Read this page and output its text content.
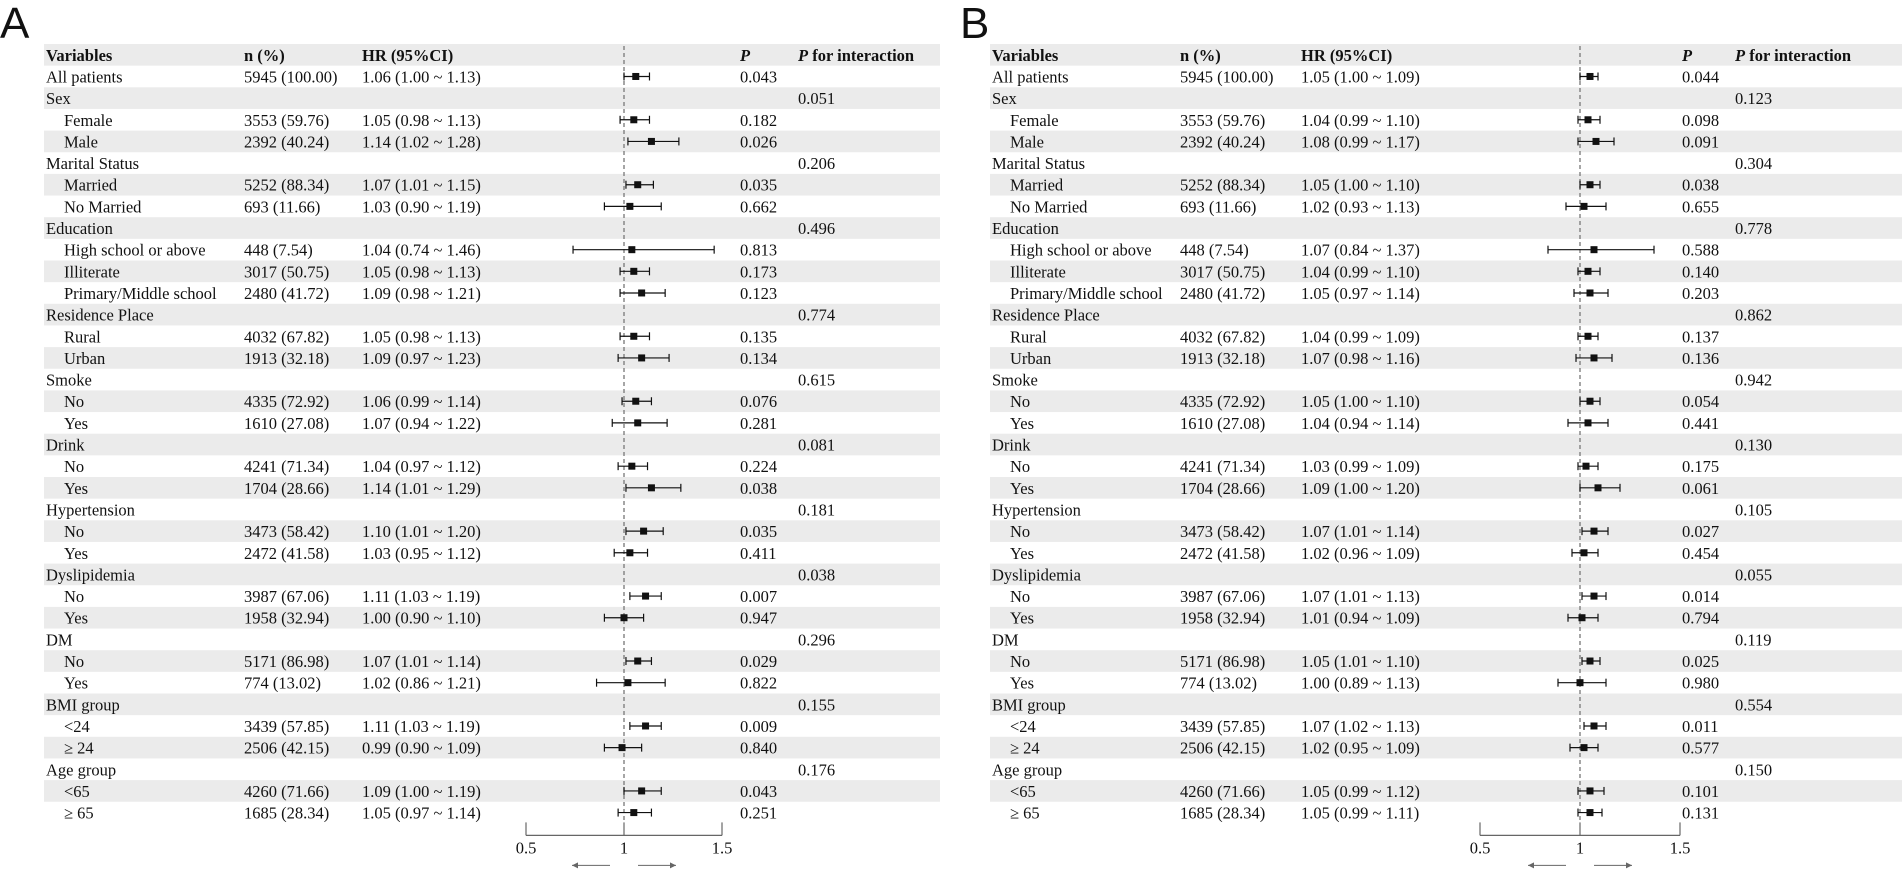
A
Variables	n (%)	HR (95%CI)	P	P for interaction
All patients	5945 (100.00) 1.06 (1.00 ~ 1.13)	0.043
Sex	0.051
Female	3553 (59.76) 1.05 (0.98 ~ 1.13)	0.182
Male	2392 (40.24) 1.14 (1.02 ~ 1.28)	0.026
Marital Status	0.206
Married	5252 (88.34) 1.07 (1.01 ~ 1.15)	0.035
No Married	693 (11.66)	1.03 (0.90 ~ 1.19)	0.662
Education	0.496
High school or above 448 (7.54)	1.04 (0.74 ~ 1.46)	0.813
Illiterate	3017 (50.75) 1.05 (0.98 ~ 1.13)	0.173
Primary/Middle school 2480 (41.72) 1.09 (0.98 ~ 1.21)	0.123
Residence Place	0.774
Rural	4032 (67.82) 1.05 (0.98 ~ 1.13)	0.135
Urban	1913 (32.18) 1.09 (0.97 ~ 1.23)	0.134
Smoke	0.615
No	4335 (72.92) 1.06 (0.99 ~ 1.14)	0.076
Yes	1610 (27.08) 1.07 (0.94 ~ 1.22)	0.281
Drink	0.081
No	4241 (71.34) 1.04 (0.97 ~ 1.12)	0.224
Yes	1704 (28.66) 1.14 (1.01 ~ 1.29)	0.038
Hypertension	0.181
No	3473 (58.42) 1.10 (1.01 ~ 1.20)	0.035
Yes	2472 (41.58) 1.03 (0.95 ~ 1.12)	0.411
Dyslipidemia	0.038
No	3987 (67.06) 1.11 (1.03 ~ 1.19)	0.007
Yes	1958 (32.94) 1.00 (0.90 ~ 1.10)	0.947
DM	0.296
No	5171 (86.98) 1.07 (1.01 ~ 1.14)	0.029
Yes	774 (13.02) 1.02 (0.86 ~ 1.21)	0.822
BMI group	0.155
<24	3439 (57.85) 1.11 (1.03 ~ 1.19)	0.009
≥ 24	2506 (42.15) 0.99 (0.90 ~ 1.09)	0.840
Age group	0.176
<65	4260 (71.66) 1.09 (1.00 ~ 1.19)	0.043
≥ 65	1685 (28.34) 1.05 (0.97 ~ 1.14)	0.251
0.5	1	1.5
B
Variables	n (%)	HR (95%CI)	P	P for interaction
All patients	5945 (100.00) 1.05 (1.00 ~ 1.09)	0.044
Sex	0.123
Female	3553 (59.76) 1.04 (0.99 ~ 1.10)	0.098
Male	2392 (40.24) 1.08 (0.99 ~ 1.17)	0.091
Marital Status	0.304
Married	5252 (88.34) 1.05 (1.00 ~ 1.10)	0.038
No Married	693 (11.66)	1.02 (0.93 ~ 1.13)	0.655
Education	0.778
High school or above 448 (7.54)	1.07 (0.84 ~ 1.37)	0.588
Illiterate	3017 (50.75) 1.04 (0.99 ~ 1.10)	0.140
Primary/Middle school 2480 (41.72) 1.05 (0.97 ~ 1.14)	0.203
Residence Place	0.862
Rural	4032 (67.82) 1.04 (0.99 ~ 1.09)	0.137
Urban	1913 (32.18) 1.07 (0.98 ~ 1.16)	0.136
Smoke	0.942
No	4335 (72.92) 1.05 (1.00 ~ 1.10)	0.054
Yes	1610 (27.08) 1.04 (0.94 ~ 1.14)	0.441
Drink	0.130
No	4241 (71.34) 1.03 (0.99 ~ 1.09)	0.175
Yes	1704 (28.66) 1.09 (1.00 ~ 1.20)	0.061
Hypertension	0.105
No	3473 (58.42) 1.07 (1.01 ~ 1.14)	0.027
Yes	2472 (41.58) 1.02 (0.96 ~ 1.09)	0.454
Dyslipidemia	0.055
No	3987 (67.06) 1.07 (1.01 ~ 1.13)	0.014
Yes	1958 (32.94) 1.01 (0.94 ~ 1.09)	0.794
DM	0.119
No	5171 (86.98) 1.05 (1.01 ~ 1.10)	0.025
Yes	774 (13.02)	1.00 (0.89 ~ 1.13)	0.980
BMI group	0.554
<24	3439 (57.85) 1.07 (1.02 ~ 1.13)	0.011
≥ 24	2506 (42.15) 1.02 (0.95 ~ 1.09)	0.577
Age group	0.150
<65	4260 (71.66) 1.05 (0.99 ~ 1.12)	0.101
≥ 65	1685 (28.34) 1.05 (0.99 ~ 1.11)	0.131
0.5	1	1.5
